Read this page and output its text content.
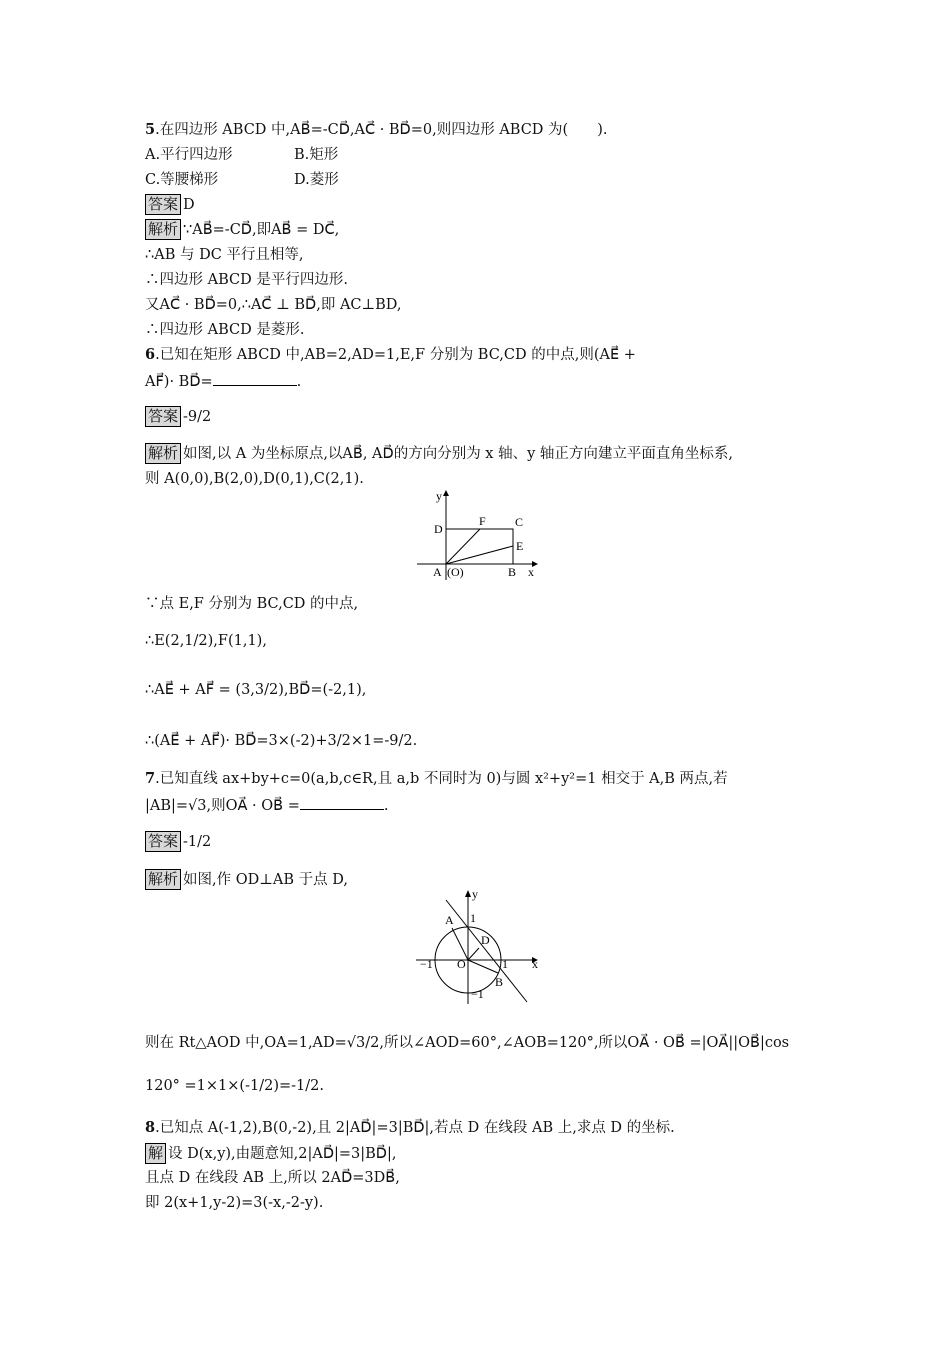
5.在四边形 ABCD 中,AB⃗=-CD⃗,AC⃗ · BD⃗=0,则四边形 ABCD 为(　　).
A.平行四边形	B.矩形
C.等腰梯形	D.菱形
答案 D
解析 ∵AB⃗=-CD⃗,即AB⃗ = DC⃗,
∴AB 与 DC 平行且相等,
∴四边形 ABCD 是平行四边形.
又AC⃗ · BD⃗=0,∴AC⃗ ⊥ BD⃗,即 AC⊥BD,
∴四边形 ABCD 是菱形.
6.已知在矩形 ABCD 中,AB=2,AD=1,E,F 分别为 BC,CD 的中点,则(AE⃗ +
AF⃗)· BD⃗=	.
答案 -9/2
解析 如图,以 A 为坐标原点,以AB⃗, AD⃗的方向分别为 x 轴、y 轴正方向建立平面直角坐标系,
则 A(0,0),B(2,0),D(0,1),C(2,1).
y
D
F C
E
A (O)	B x
∵点 E,F 分别为 BC,CD 的中点,
∴E(2,1/2),F(1,1),
∴AE⃗ + AF⃗ = (3,3/2),BD⃗=(-2,1),
∴(AE⃗ + AF⃗)· BD⃗=3×(-2)+3/2×1=-9/2.
7.已知直线 ax+by+c=0(a,b,c∈R,且 a,b 不同时为 0)与圆 x²+y²=1 相交于 A,B 两点,若
|AB|=√3,则OA⃗ · OB⃗ =	.
答案 -1/2
解析 如图,作 OD⊥AB 于点 D,
y
A 1
D
−1 O	1 x
B
−1
则在 Rt△AOD 中,OA=1,AD=√3/2,所以∠AOD=60°,∠AOB=120°,所以OA⃗ · OB⃗ =|OA⃗||OB⃗|cos
120° =1×1×(-1/2)=-1/2.
8.已知点 A(-1,2),B(0,-2),且 2|AD⃗|=3|BD⃗|,若点 D 在线段 AB 上,求点 D 的坐标.
解 设 D(x,y),由题意知,2|AD⃗|=3|BD⃗|,
且点 D 在线段 AB 上,所以 2AD⃗=3DB⃗,
即 2(x+1,y-2)=3(-x,-2-y).
